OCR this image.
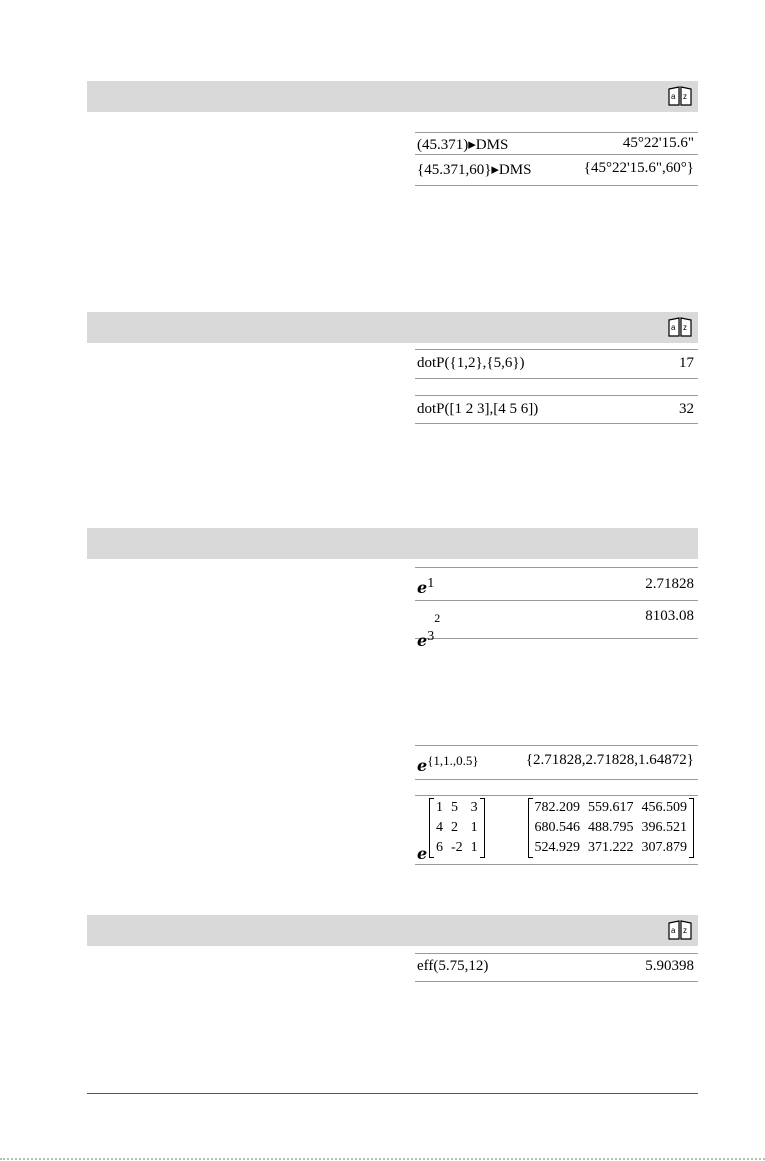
a z
(45.371)▸DMS	45°22'15.6"
{45.371,60}▸DMS	{45°22'15.6",60°}
a z
dotP({1,2},{5,6})	17
dotP([1 2 3],[4 5 6])	32
e1	2.71828
$e3^2$	8103.08
e{1,1.,0.5}	{2.71828,2.71828,1.64872}
e
1	5	3
4	2	1
6	-2	1
782.209	559.617	456.509
680.546	488.795	396.521
524.929	371.222	307.879
a z
eff(5.75,12)	5.90398
